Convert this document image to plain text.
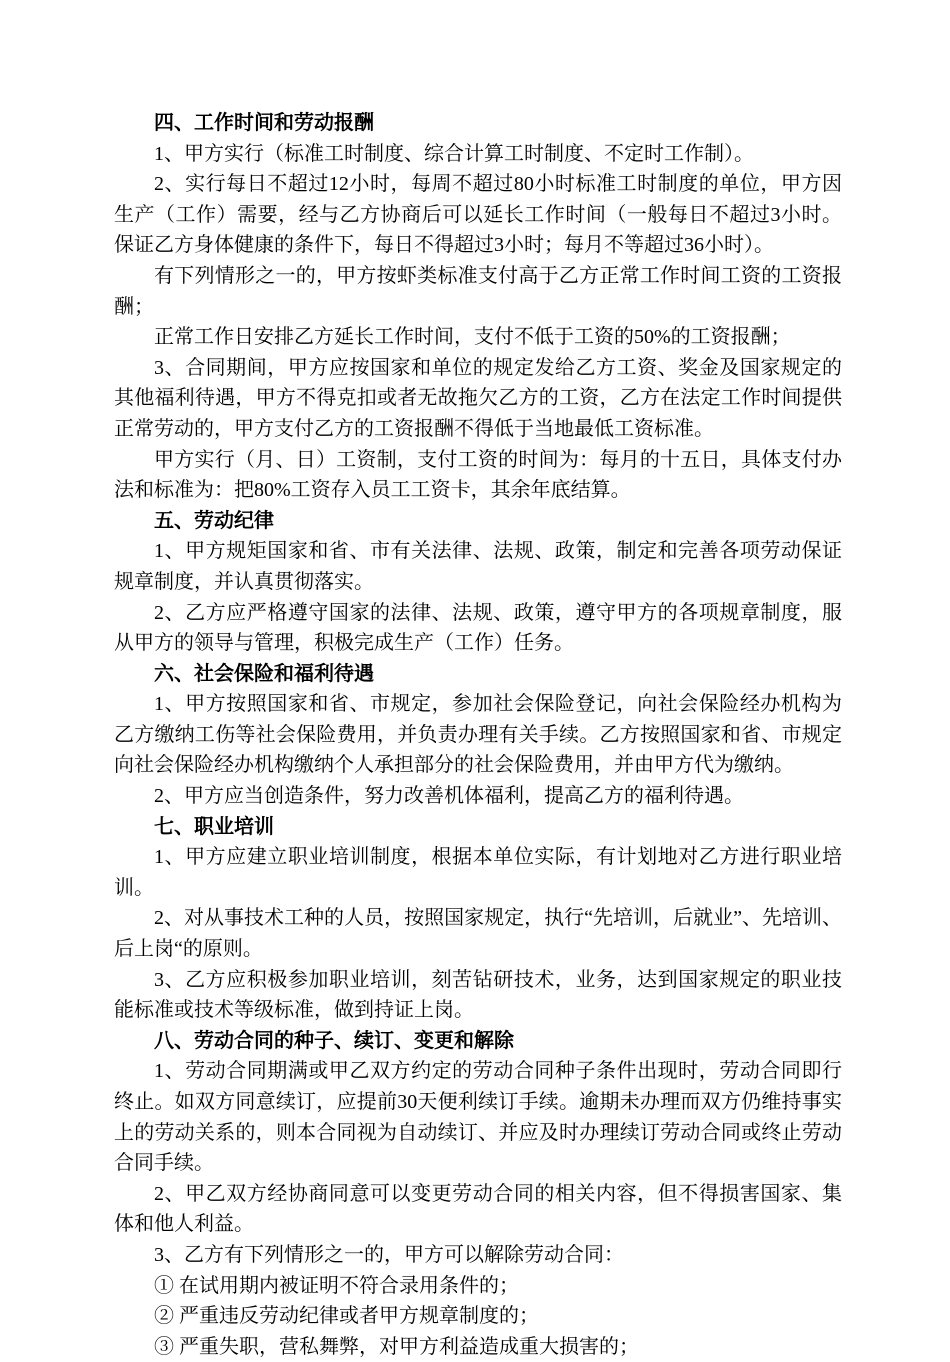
四、工作时间和劳动报酬

1、甲方实行（标准工时制度、综合计算工时制度、不定时工作制）。

2、实行每日不超过12小时，每周不超过80小时标准工时制度的单位，甲方因生产（工作）需要，经与乙方协商后可以延长工作时间（一般每日不超过3小时。保证乙方身体健康的条件下，每日不得超过3小时；每月不等超过36小时）。

有下列情形之一的，甲方按虾类标准支付高于乙方正常工作时间工资的工资报酬；

正常工作日安排乙方延长工作时间，支付不低于工资的50%的工资报酬；

3、合同期间，甲方应按国家和单位的规定发给乙方工资、奖金及国家规定的其他福利待遇，甲方不得克扣或者无故拖欠乙方的工资，乙方在法定工作时间提供正常劳动的，甲方支付乙方的工资报酬不得低于当地最低工资标准。

甲方实行（月、日）工资制，支付工资的时间为：每月的十五日，具体支付办法和标准为：把80%工资存入员工工资卡，其余年底结算。

五、劳动纪律

1、甲方规矩国家和省、市有关法律、法规、政策，制定和完善各项劳动保证规章制度，并认真贯彻落实。

2、乙方应严格遵守国家的法律、法规、政策，遵守甲方的各项规章制度，服从甲方的领导与管理，积极完成生产（工作）任务。

六、社会保险和福利待遇

1、甲方按照国家和省、市规定，参加社会保险登记，向社会保险经办机构为乙方缴纳工伤等社会保险费用，并负责办理有关手续。乙方按照国家和省、市规定向社会保险经办机构缴纳个人承担部分的社会保险费用，并由甲方代为缴纳。

2、甲方应当创造条件，努力改善机体福利，提高乙方的福利待遇。

七、职业培训

1、甲方应建立职业培训制度，根据本单位实际，有计划地对乙方进行职业培训。

2、对从事技术工种的人员，按照国家规定，执行“先培训，后就业”、先培训、后上岗“的原则。

3、乙方应积极参加职业培训，刻苦钻研技术，业务，达到国家规定的职业技能标准或技术等级标准，做到持证上岗。

八、劳动合同的种子、续订、变更和解除

1、劳动合同期满或甲乙双方约定的劳动合同种子条件出现时，劳动合同即行终止。如双方同意续订，应提前30天便利续订手续。逾期未办理而双方仍维持事实上的劳动关系的，则本合同视为自动续订、并应及时办理续订劳动合同或终止劳动合同手续。

2、甲乙双方经协商同意可以变更劳动合同的相关内容，但不得损害国家、集体和他人利益。

3、乙方有下列情形之一的，甲方可以解除劳动合同：

① 在试用期内被证明不符合录用条件的；

② 严重违反劳动纪律或者甲方规章制度的；

③ 严重失职，营私舞弊，对甲方利益造成重大损害的；
